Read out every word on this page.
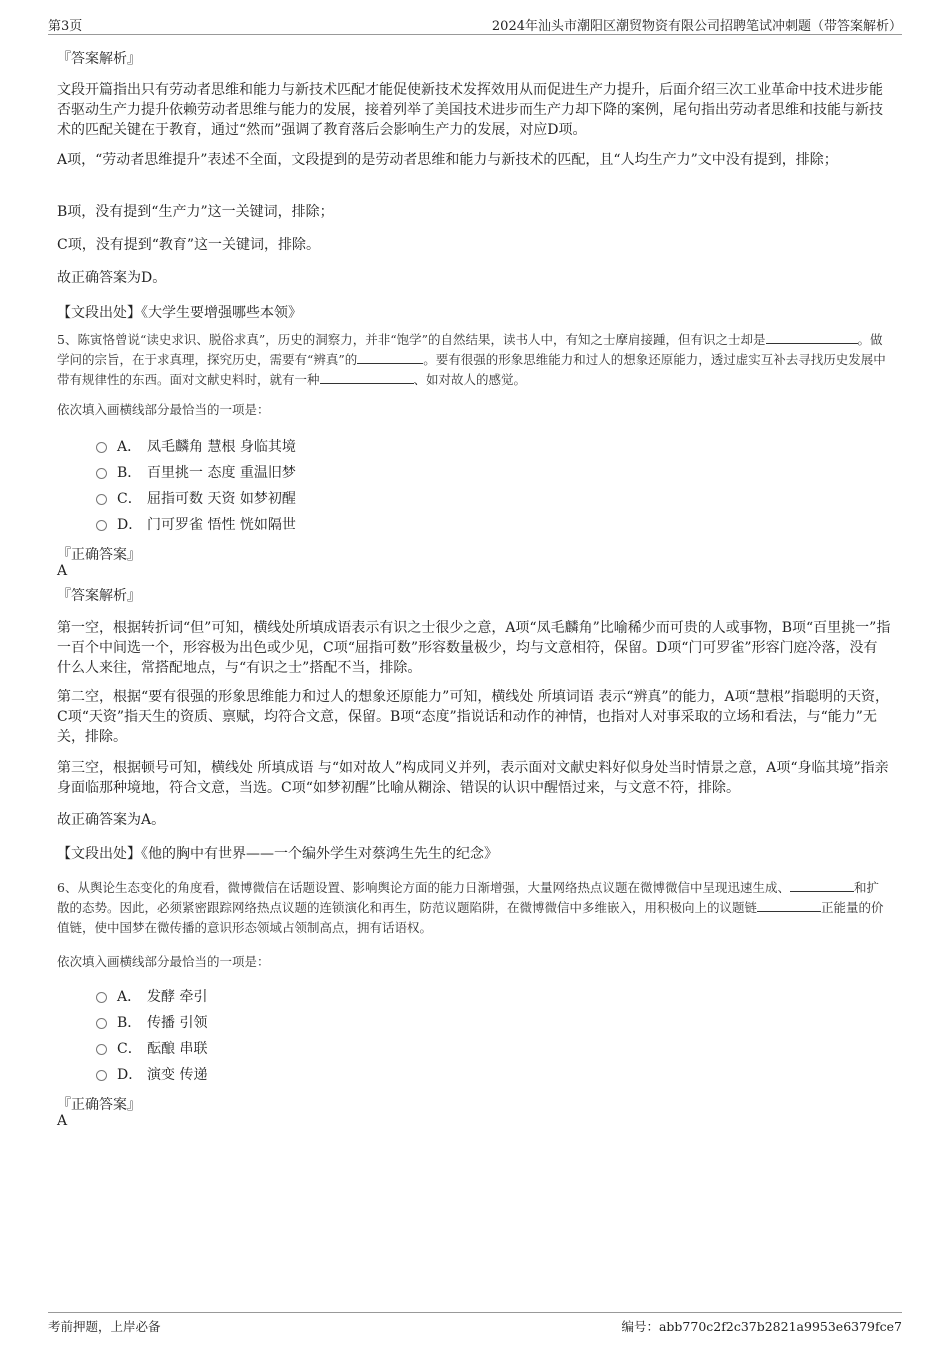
第3页	2024年汕头市潮阳区潮贸物资有限公司招聘笔试冲刺题（带答案解析）
『答案解析』
文段开篇指出只有劳动者思维和能力与新技术匹配才能促使新技术发挥效用从而促进生产力提升，后面介绍三次工业革命中技术进步能否驱动生产力提升依赖劳动者思维与能力的发展，接着列举了美国技术进步而生产力却下降的案例，尾句指出劳动者思维和技能与新技术的匹配关键在于教育，通过“然而”强调了教育落后会影响生产力的发展，对应D项。
A项，“劳动者思维提升”表述不全面，文段提到的是劳动者思维和能力与新技术的匹配，且“人均生产力”文中没有提到，排除；
B项，没有提到“生产力”这一关键词，排除；
C项，没有提到“教育”这一关键词，排除。
故正确答案为D。
【文段出处】《大学生要增强哪些本领》
5、陈寅恪曾说“读史求识、脱俗求真”，历史的洞察力，并非“饱学”的自然结果，读书人中，有知之士摩肩接踵，但有识之士却是	。做学问的宗旨，在于求真理，探究历史，需要有“辨真”的	。要有很强的形象思维能力和过人的想象还原能力，透过虚实互补去寻找历史发展中带有规律性的东西。面对文献史料时，就有一种	、如对故人的感觉。
依次填入画横线部分最恰当的一项是：
A． 凤毛麟角 慧根 身临其境
B． 百里挑一 态度 重温旧梦
C． 屈指可数 天资 如梦初醒
D． 门可罗雀 悟性 恍如隔世
『正确答案』
A
『答案解析』
第一空，根据转折词“但”可知，横线处所填成语表示有识之士很少之意，A项“凤毛麟角”比喻稀少而可贵的人或事物，B项“百里挑一”指一百个中间选一个，形容极为出色或少见，C项“屈指可数”形容数量极少，均与文意相符，保留。D项“门可罗雀”形容门庭冷落，没有什么人来往，常搭配地点，与“有识之士”搭配不当，排除。
第二空，根据“要有很强的形象思维能力和过人的想象还原能力”可知，横线处 所填词语 表示“辨真”的能力，A项“慧根”指聪明的天资，C项“天资”指天生的资质、禀赋，均符合文意，保留。B项“态度”指说话和动作的神情，也指对人对事采取的立场和看法，与“能力”无关，排除。
第三空，根据顿号可知，横线处 所填成语 与“如对故人”构成同义并列，表示面对文献史料好似身处当时情景之意，A项“身临其境”指亲身面临那种境地，符合文意，当选。C项“如梦初醒”比喻从糊涂、错误的认识中醒悟过来，与文意不符，排除。
故正确答案为A。
【文段出处】《他的胸中有世界——一个编外学生对蔡鸿生先生的纪念》
6、从舆论生态变化的角度看，微博微信在话题设置、影响舆论方面的能力日渐增强，大量网络热点议题在微博微信中呈现迅速生成、	和扩散的态势。因此，必须紧密跟踪网络热点议题的连锁演化和再生，防范议题陷阱，在微博微信中多维嵌入，用积极向上的议题链	正能量的价值链，使中国梦在微传播的意识形态领域占领制高点，拥有话语权。
依次填入画横线部分最恰当的一项是：
A． 发酵 牵引
B． 传播 引领
C． 酝酿 串联
D． 演变 传递
『正确答案』
A
考前押题，上岸必备	编号：abb770c2f2c37b2821a9953e6379fce7
